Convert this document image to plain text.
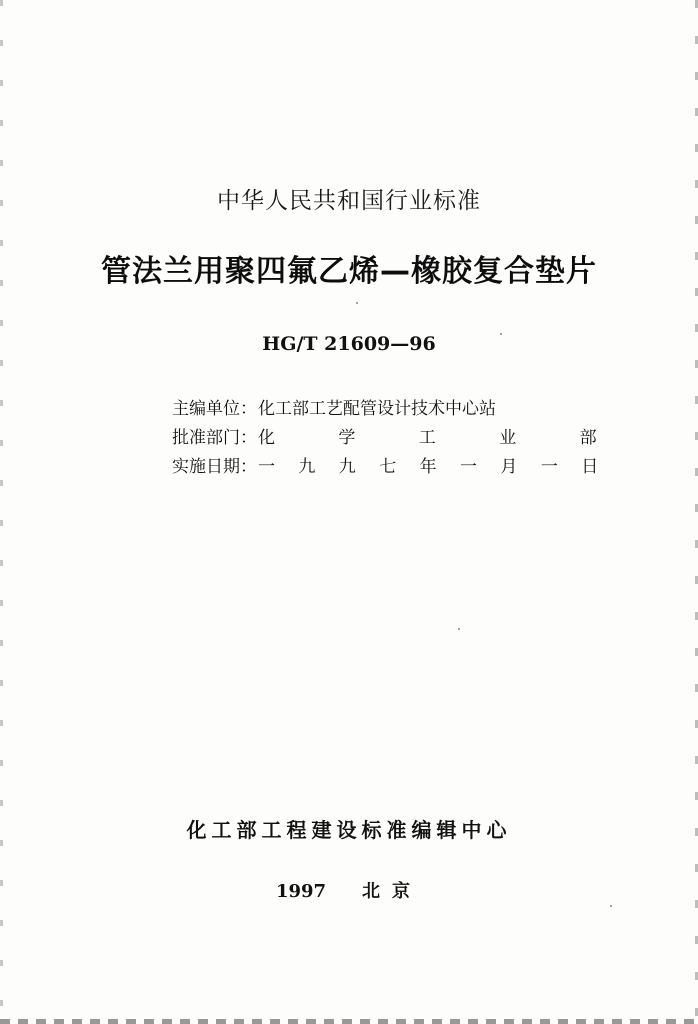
中华人民共和国行业标准
管法兰用聚四氟乙烯—橡胶复合垫片
HG/T 21609—96
主编单位：化工部工艺配管设计技术中心站
批准部门：化 学 工 业 部
实施日期：一 九 九 七 年 一 月 一 日
化工部工程建设标准编辑中心
1997 北京
